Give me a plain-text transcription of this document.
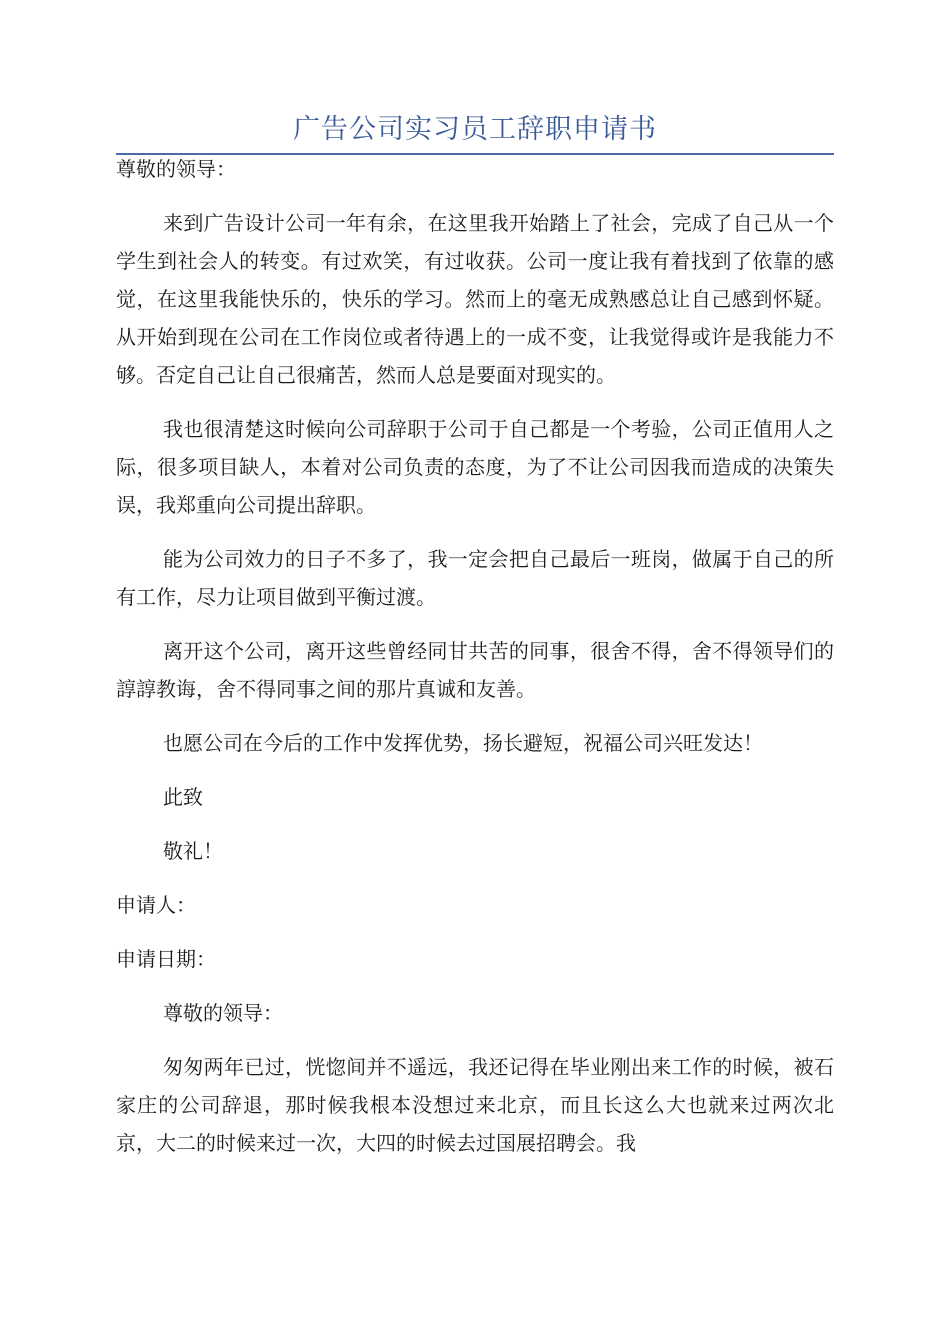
广告公司实习员工辞职申请书

尊敬的领导：

来到广告设计公司一年有余，在这里我开始踏上了社会，完成了自己从一个学生到社会人的转变。有过欢笑，有过收获。公司一度让我有着找到了依靠的感觉，在这里我能快乐的，快乐的学习。然而上的毫无成熟感总让自己感到怀疑。从开始到现在公司在工作岗位或者待遇上的一成不变，让我觉得或许是我能力不够。否定自己让自己很痛苦，然而人总是要面对现实的。

我也很清楚这时候向公司辞职于公司于自己都是一个考验，公司正值用人之际，很多项目缺人，本着对公司负责的态度，为了不让公司因我而造成的决策失误，我郑重向公司提出辞职。

能为公司效力的日子不多了，我一定会把自己最后一班岗，做属于自己的所有工作，尽力让项目做到平衡过渡。

离开这个公司，离开这些曾经同甘共苦的同事，很舍不得，舍不得领导们的諄諄教诲，舍不得同事之间的那片真诚和友善。

也愿公司在今后的工作中发挥优势，扬长避短，祝福公司兴旺发达！

此致

敬礼！

申请人：

申请日期：

尊敬的领导：

匆匆两年已过，恍惚间并不遥远，我还记得在毕业刚出来工作的时候，被石家庄的公司辞退，那时候我根本没想过来北京，而且长这么大也就来过两次北京，大二的时候来过一次，大四的时候去过国展招聘会。我
